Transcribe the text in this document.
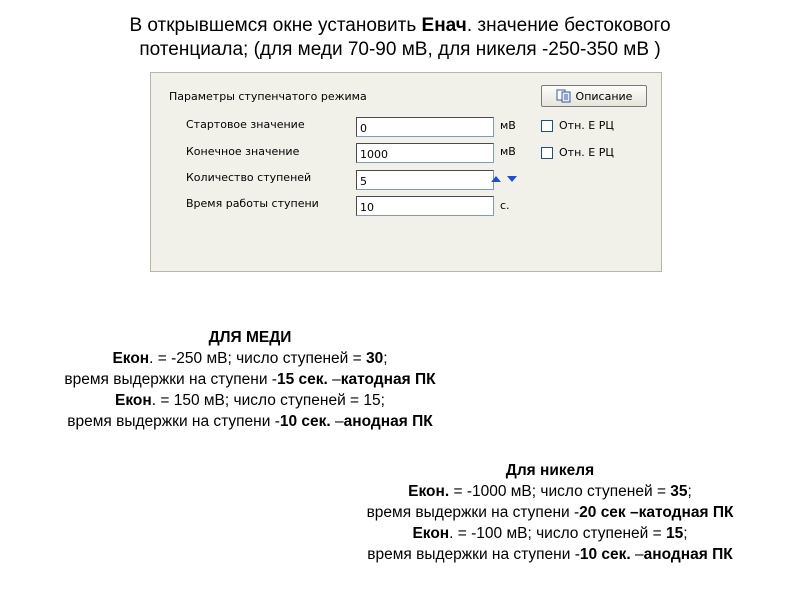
В открывшемся окне установить Енач. значение бестокового
потенциала; (для меди 70-90 мВ, для никеля -250-350 мВ )
Параметры ступенчатого режима	Описание
Стартовое значение	0	мВ	Отн. Е РЦ
Конечное значение	1000	мВ	Отн. Е РЦ
Количество ступеней	5
Время работы ступени	10	с.
ДЛЯ МЕДИ
Екон. = -250 мВ; число ступеней = 30;
время выдержки на ступени -15 сек. –катодная ПК
Екон. = 150 мВ; число ступеней = 15;
время выдержки на ступени -10 сек. –анодная ПК
Для никеля
Екон. = -1000 мВ; число ступеней = 35;
время выдержки на ступени -20 сек –катодная ПК
Екон. = -100 мВ; число ступеней = 15;
время выдержки на ступени -10 сек. –анодная ПК
